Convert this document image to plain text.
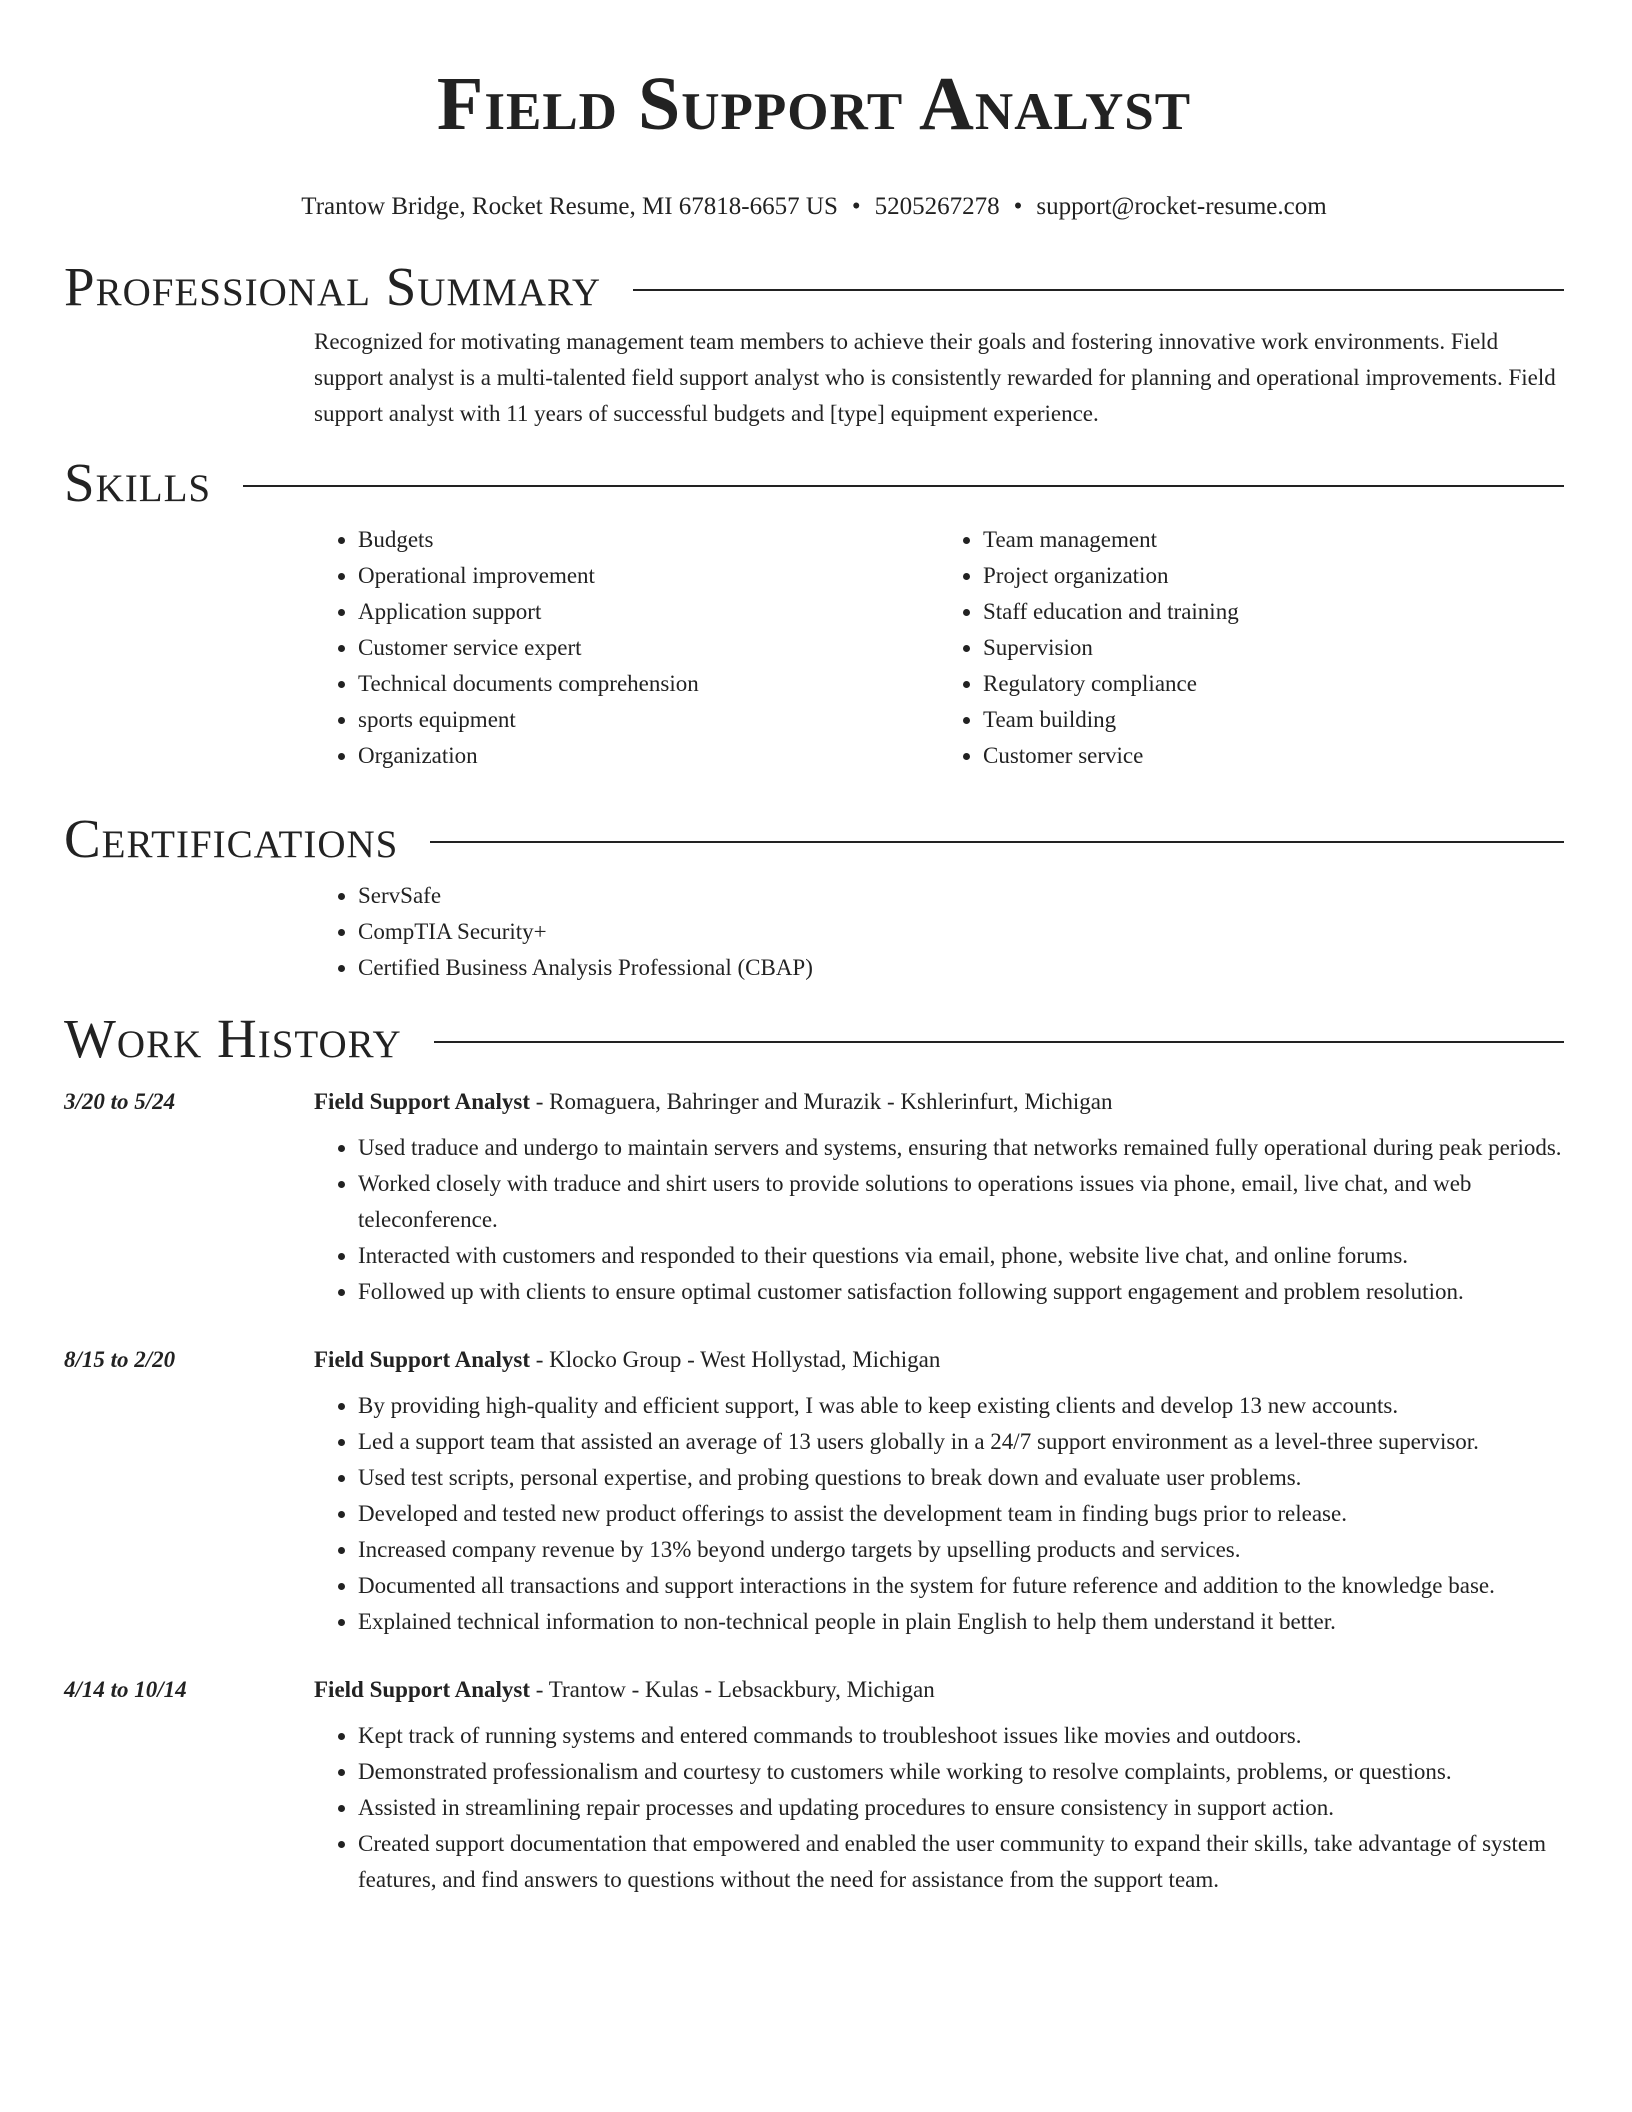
Field Support Analyst
Trantow Bridge, Rocket Resume, MI 67818-6657 US • 5205267278 • support@rocket-resume.com
Professional Summary
Recognized for motivating management team members to achieve their goals and fostering innovative work environments. Field support analyst is a multi-talented field support analyst who is consistently rewarded for planning and operational improvements. Field support analyst with 11 years of successful budgets and [type] equipment experience.
Skills
• Budgets
• Operational improvement
• Application support
• Customer service expert
• Technical documents comprehension
• sports equipment
• Organization
• Team management
• Project organization
• Staff education and training
• Supervision
• Regulatory compliance
• Team building
• Customer service
Certifications
• ServSafe
• CompTIA Security+
• Certified Business Analysis Professional (CBAP)
Work History
3/20 to 5/24	Field Support Analyst - Romaguera, Bahringer and Murazik - Kshlerinfurt, Michigan
• Used traduce and undergo to maintain servers and systems, ensuring that networks remained fully operational during peak periods.
• Worked closely with traduce and shirt users to provide solutions to operations issues via phone, email, live chat, and web teleconference.
• Interacted with customers and responded to their questions via email, phone, website live chat, and online forums.
• Followed up with clients to ensure optimal customer satisfaction following support engagement and problem resolution.
8/15 to 2/20	Field Support Analyst - Klocko Group - West Hollystad, Michigan
• By providing high-quality and efficient support, I was able to keep existing clients and develop 13 new accounts.
• Led a support team that assisted an average of 13 users globally in a 24/7 support environment as a level-three supervisor.
• Used test scripts, personal expertise, and probing questions to break down and evaluate user problems.
• Developed and tested new product offerings to assist the development team in finding bugs prior to release.
• Increased company revenue by 13% beyond undergo targets by upselling products and services.
• Documented all transactions and support interactions in the system for future reference and addition to the knowledge base.
• Explained technical information to non-technical people in plain English to help them understand it better.
4/14 to 10/14	Field Support Analyst - Trantow - Kulas - Lebsackbury, Michigan
• Kept track of running systems and entered commands to troubleshoot issues like movies and outdoors.
• Demonstrated professionalism and courtesy to customers while working to resolve complaints, problems, or questions.
• Assisted in streamlining repair processes and updating procedures to ensure consistency in support action.
• Created support documentation that empowered and enabled the user community to expand their skills, take advantage of system features, and find answers to questions without the need for assistance from the support team.
